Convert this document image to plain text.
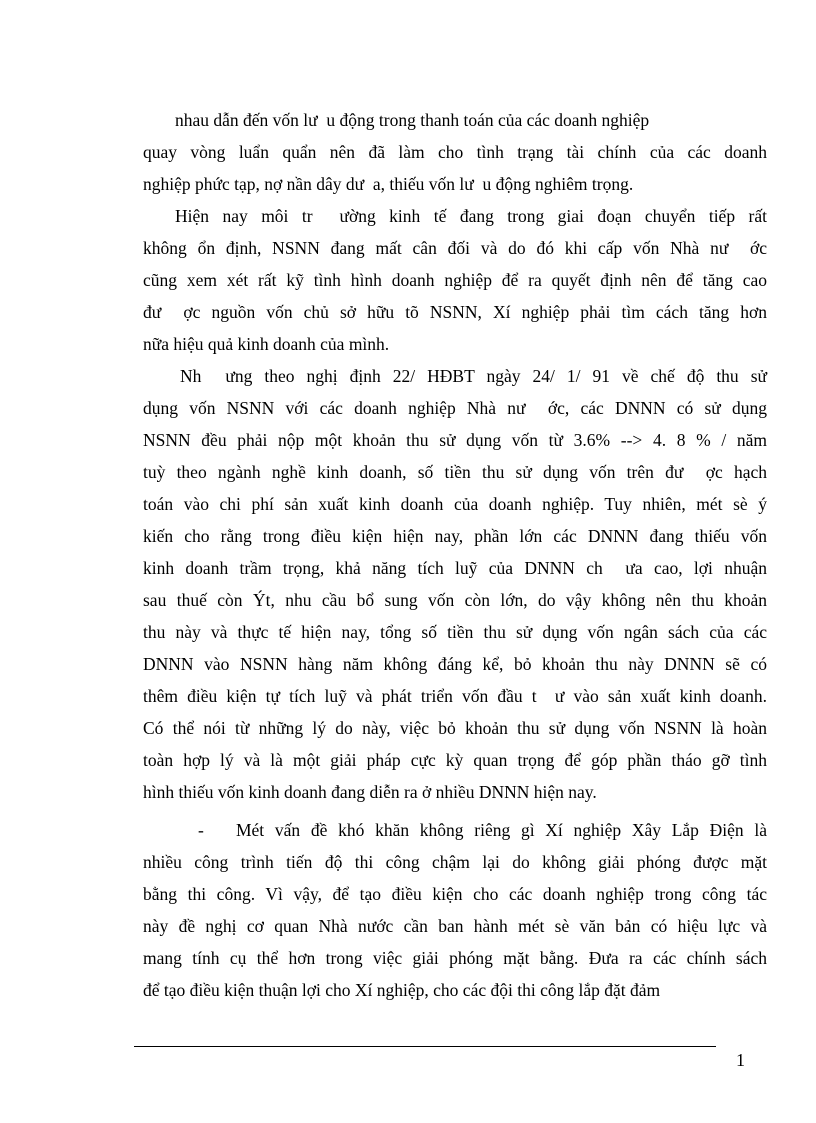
nhau dẫn đến vốn lư  u động trong thanh toán của các doanh nghiệp
quay vòng luẩn quẩn nên đã làm cho tình trạng tài chính của các doanh
nghiệp phức tạp, nợ nần dây dư  a, thiếu vốn lư  u động nghiêm trọng.
Hiện nay môi tr  ường kinh tế đang trong giai đoạn chuyển tiếp rất
không ổn định, NSNN đang mất cân đối và do đó khi cấp vốn Nhà nư  ớc
cũng xem xét rất kỹ tình hình doanh nghiệp để ra quyết định nên để tăng cao
đư  ợc nguồn vốn chủ sở hữu tõ NSNN, Xí nghiệp phải tìm cách tăng hơn
nữa hiệu quả kinh doanh của mình.
Nh  ưng theo nghị định 22/ HĐBT ngày 24/ 1/ 91 về chế độ thu sử
dụng vốn NSNN với các doanh nghiệp Nhà nư  ớc, các DNNN có sử dụng
NSNN đều phải nộp một khoản thu sử dụng vốn từ 3.6% --> 4. 8 % / năm
tuỳ theo ngành nghề kinh doanh, số tiền thu sử dụng vốn trên đư  ợc hạch
toán vào chi phí sản xuất kinh doanh của doanh nghiệp. Tuy nhiên, mét sè ý
kiến cho rằng trong điều kiện hiện nay, phần lớn các DNNN đang thiếu vốn
kinh doanh trầm trọng, khả năng tích luỹ của DNNN ch  ưa cao, lợi nhuận
sau thuế còn Ýt, nhu cầu bổ sung vốn còn lớn, do vậy không nên thu khoản
thu này và thực tế hiện nay, tổng số tiền thu sử dụng vốn ngân sách của các
DNNN vào NSNN hàng năm không đáng kể, bỏ khoản thu này DNNN sẽ có
thêm điều kiện tự tích luỹ và phát triển vốn đầu t  ư vào sản xuất kinh doanh.
Có thể nói từ những lý do này, việc bỏ khoản thu sử dụng vốn NSNN là hoàn
toàn hợp lý và là một giải pháp cực kỳ quan trọng để góp phần tháo gỡ tình
hình thiếu vốn kinh doanh đang diễn ra ở nhiều DNNN hiện nay.
-   Mét vấn đề khó khăn không riêng gì Xí nghiệp Xây Lắp Điện là
nhiều công trình tiến độ thi công chậm lại do không giải phóng được mặt
bằng thi công. Vì vậy, để tạo điều kiện cho các doanh nghiệp trong công tác
này đề nghị cơ quan Nhà nước cần ban hành mét sè văn bản có hiệu lực và
mang tính cụ thể hơn trong việc giải phóng mặt bằng. Đưa ra các chính sách
để tạo điều kiện thuận lợi cho Xí nghiệp, cho các đội thi công lắp đặt đảm
1
